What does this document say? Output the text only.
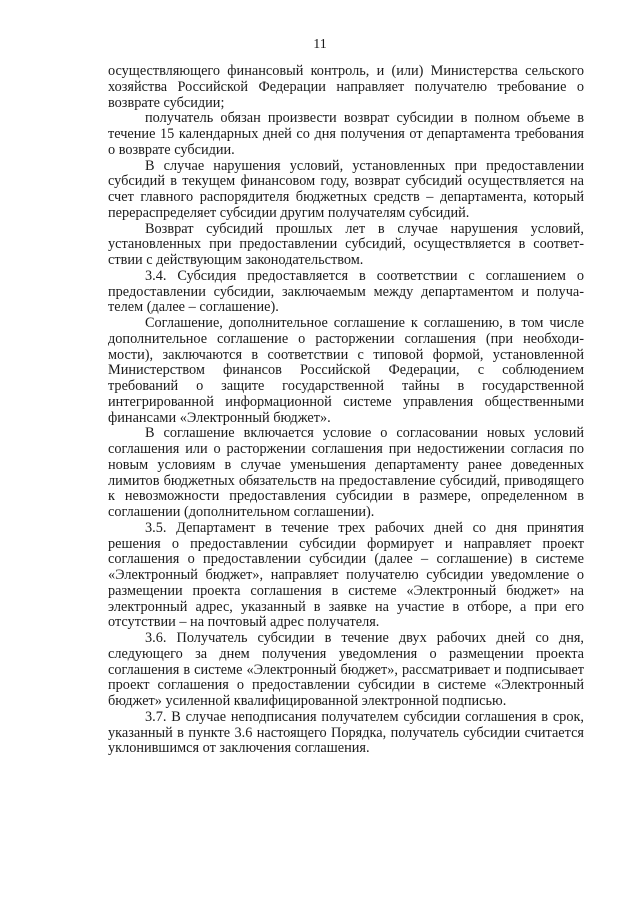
11

осуществляющего финансовый контроль, и (или) Министерства сельского хозяйства Российской Федерации направляет получателю требование о возврате субсидии;

получатель обязан произвести возврат субсидии в полном объеме в течение 15 календарных дней со дня получения от департамента требования о возврате субсидии.

В случае нарушения условий, установленных при предоставлении субсидий в текущем финансовом году, возврат субсидий осуществляется на счет главного распорядителя бюджетных средств – департамента, который перераспределяет субсидии другим получателям субсидий.

Возврат субсидий прошлых лет в случае нарушения условий, установленных при предоставлении субсидий, осуществляется в соответствии с действующим законодательством.

3.4. Субсидия предоставляется в соответствии с соглашением о предоставлении субсидии, заключаемым между департаментом и получателем (далее – соглашение).

Соглашение, дополнительное соглашение к соглашению, в том числе дополнительное соглашение о расторжении соглашения (при необходимости), заключаются в соответствии с типовой формой, установленной Министерством финансов Российской Федерации, с соблюдением требований о защите государственной тайны в государственной интегрированной информационной системе управления общественными финансами «Электронный бюджет».

В соглашение включается условие о согласовании новых условий соглашения или о расторжении соглашения при недостижении согласия по новым условиям в случае уменьшения департаменту ранее доведенных лимитов бюджетных обязательств на предоставление субсидий, приводящего к невозможности предоставления субсидии в размере, определенном в соглашении (дополнительном соглашении).

3.5. Департамент в течение трех рабочих дней со дня принятия решения о предоставлении субсидии формирует и направляет проект соглашения о предоставлении субсидии (далее – соглашение) в системе «Электронный бюджет», направляет получателю субсидии уведомление о размещении проекта соглашения в системе «Электронный бюджет» на электронный адрес, указанный в заявке на участие в отборе, а при его отсутствии – на почтовый адрес получателя.

3.6. Получатель субсидии в течение двух рабочих дней со дня, следующего за днем получения уведомления о размещении проекта соглашения в системе «Электронный бюджет», рассматривает и подписывает проект соглашения о предоставлении субсидии в системе «Электронный бюджет» усиленной квалифицированной электронной подписью.

3.7. В случае неподписания получателем субсидии соглашения в срок, указанный в пункте 3.6 настоящего Порядка, получатель субсидии считается уклонившимся от заключения соглашения.
